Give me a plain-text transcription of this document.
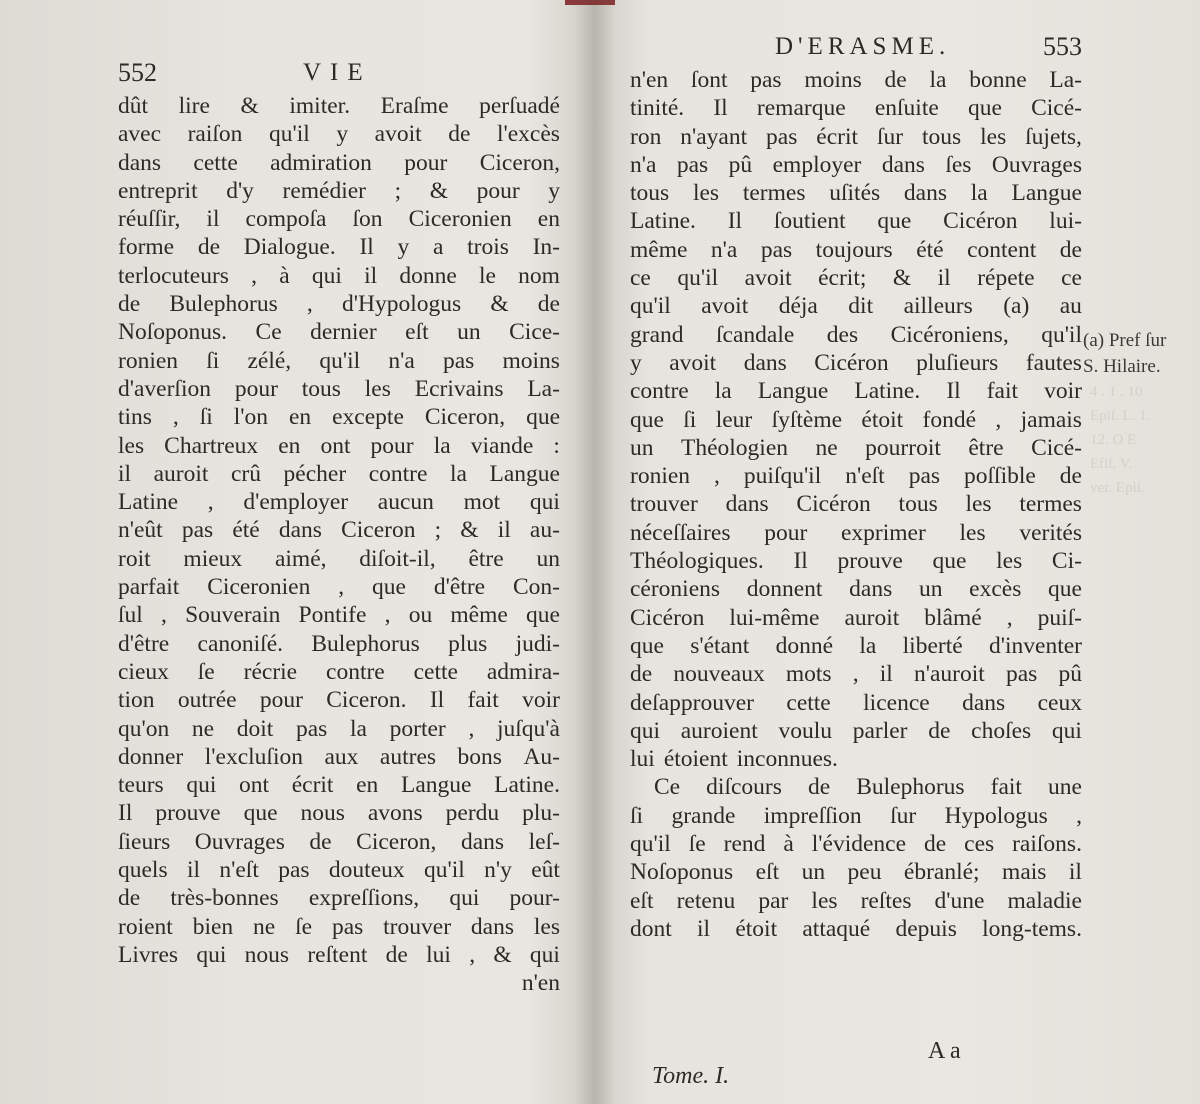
4 . 1 . 10
Epiſ. L. 1.
12. O E
Efiſ. V.
ver. Epiſ.

552	VIE
dût lire & imiter. Eraſme perſuadé
avec raiſon qu'il y avoit de l'excès
dans cette admiration pour Ciceron,
entreprit d'y remédier ; & pour y
réuſſir, il compoſa ſon Ciceronien en
forme de Dialogue. Il y a trois In-
terlocuteurs , à qui il donne le nom
de Bulephorus , d'Hypologus & de
Noſoponus. Ce dernier eſt un Cice-
ronien ſi zélé, qu'il n'a pas moins
d'averſion pour tous les Ecrivains La-
tins , ſi l'on en excepte Ciceron, que
les Chartreux en ont pour la viande :
il auroit crû pécher contre la Langue
Latine , d'employer aucun mot qui
n'eût pas été dans Ciceron ; & il au-
roit mieux aimé, diſoit-il, être un
parfait Ciceronien , que d'être Con-
ſul , Souverain Pontife , ou même que
d'être canoniſé. Bulephorus plus judi-
cieux ſe récrie contre cette admira-
tion outrée pour Ciceron. Il fait voir
qu'on ne doit pas la porter , juſqu'à
donner l'excluſion aux autres bons Au-
teurs qui ont écrit en Langue Latine.
Il prouve que nous avons perdu plu-
ſieurs Ouvrages de Ciceron, dans leſ-
quels il n'eſt pas douteux qu'il n'y eût
de très-bonnes expreſſions, qui pour-
roient bien ne ſe pas trouver dans les
Livres qui nous reſtent de lui , & qui
n'en
D'ERASME.	553
n'en ſont pas moins de la bonne La-
tinité. Il remarque enſuite que Cicé-
ron n'ayant pas écrit ſur tous les ſujets,
n'a pas pû employer dans ſes Ouvrages
tous les termes uſités dans la Langue
Latine. Il ſoutient que Cicéron lui-
même n'a pas toujours été content de
ce qu'il avoit écrit; & il répete ce
qu'il avoit déja dit ailleurs (a) au
grand ſcandale des Cicéroniens, qu'il
y avoit dans Cicéron pluſieurs fautes
contre la Langue Latine. Il fait voir
que ſi leur ſyſtème étoit fondé , jamais
un Théologien ne pourroit être Cicé-
ronien , puiſqu'il n'eſt pas poſſible de
trouver dans Cicéron tous les termes
néceſſaires pour exprimer les verités
Théologiques. Il prouve que les Ci-
céroniens donnent dans un excès que
Cicéron lui-même auroit blâmé , puiſ-
que s'étant donné la liberté d'inventer
de nouveaux mots , il n'auroit pas pû
deſapprouver cette licence dans ceux
qui auroient voulu parler de choſes qui
lui étoient inconnues.
Ce diſcours de Bulephorus fait une
ſi grande impreſſion ſur Hypologus ,
qu'il ſe rend à l'évidence de ces raiſons.
Noſoponus eſt un peu ébranlé; mais il
eſt retenu par les reſtes d'une maladie
dont il étoit attaqué depuis long-tems.
A a
Tome. I.
(a) Pref ſur
S. Hilaire.
